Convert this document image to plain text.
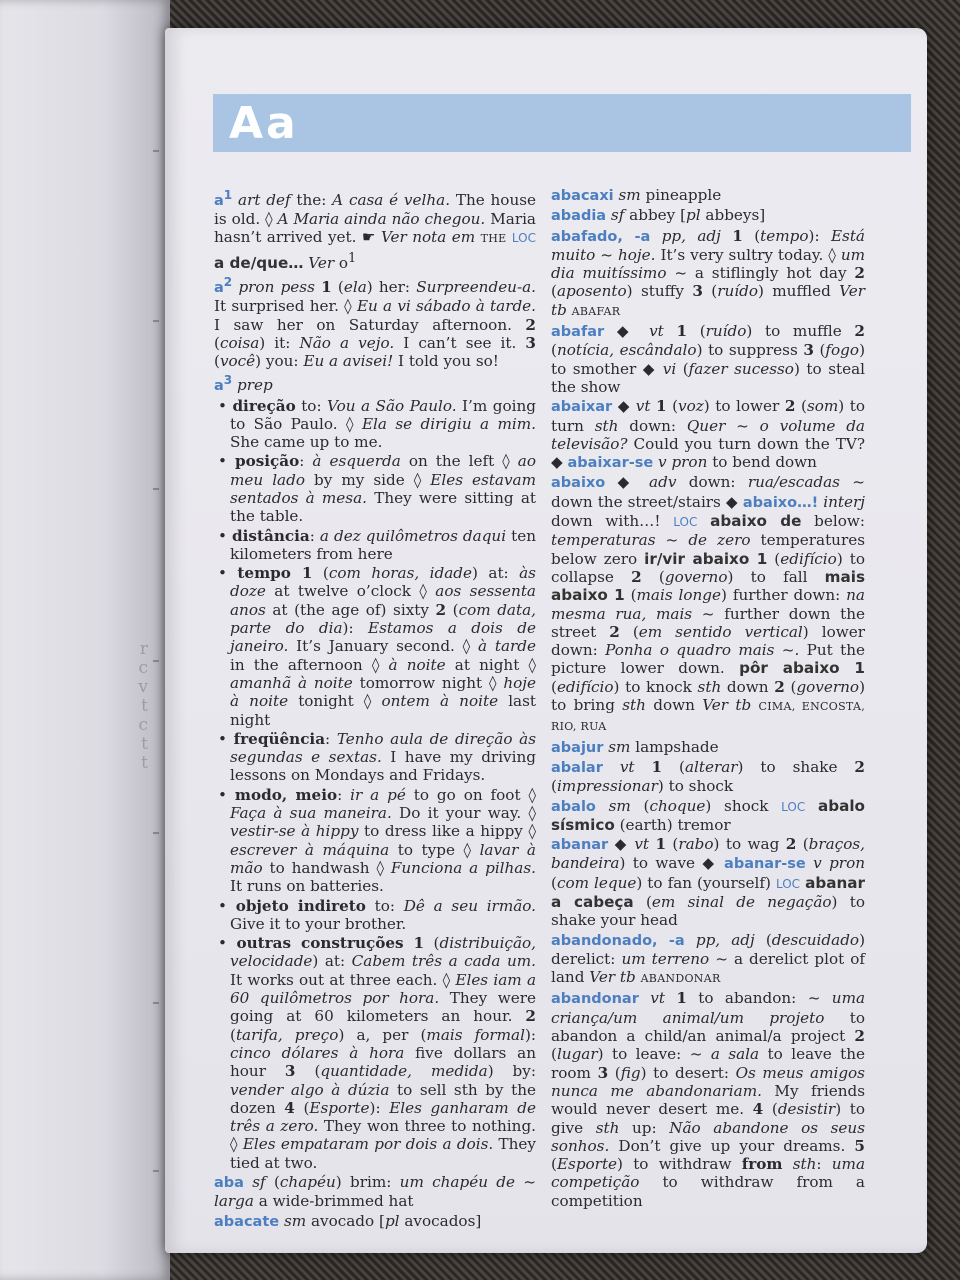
r
c
v
t
c
t
t
Aa
$a^1$ art def the: A casa é velha. The house is old. ◊ A Maria ainda não chegou. Maria hasn’t arrived yet. ☛ Ver nota em THE LOC a de/que… Ver $o^1$
$a^2$ pron pess 1 (ela) her: Surpreendeu-a. It surprised her. ◊ Eu a vi sábado à tarde. I saw her on Saturday afternoon. 2 (coisa) it: Não a vejo. I can’t see it. 3 (você) you: Eu a avisei! I told you so!
$a^3$ prep
• direção to: Vou a São Paulo. I’m going to São Paulo. ◊ Ela se dirigiu a mim. She came up to me.
• posição: à esquerda on the left ◊ ao meu lado by my side ◊ Eles estavam sentados à mesa. They were sitting at the table.
• distância: a dez quilômetros daqui ten kilometers from here
• tempo 1 (com horas, idade) at: às doze at twelve o’clock ◊ aos sessenta anos at (the age of) sixty 2 (com data, parte do dia): Estamos a dois de janeiro. It’s January second. ◊ à tarde in the afternoon ◊ à noite at night ◊ amanhã à noite tomorrow night ◊ hoje à noite tonight ◊ ontem à noite last night
• freqüência: Tenho aula de direção às segundas e sextas. I have my driving lessons on Mondays and Fridays.
• modo, meio: ir a pé to go on foot ◊ Faça à sua maneira. Do it your way. ◊ vestir-se à hippy to dress like a hippy ◊ escrever à máquina to type ◊ lavar à mão to handwash ◊ Funciona a pilhas. It runs on batteries.
• objeto indireto to: Dê a seu irmão. Give it to your brother.
• outras construções 1 (distribuição, velocidade) at: Cabem três a cada um. It works out at three each. ◊ Eles iam a 60 quilômetros por hora. They were going at 60 kilometers an hour. 2 (tarifa, preço) a, per (mais formal): cinco dólares à hora five dollars an hour 3 (quantidade, medida) by: vender algo à dúzia to sell sth by the dozen 4 (Esporte): Eles ganharam de três a zero. They won three to nothing. ◊ Eles empataram por dois a dois. They tied at two.
aba sf (chapéu) brim: um chapéu de ~ larga a wide-brimmed hat
abacate sm avocado [pl avocados]
abacaxi sm pineapple
abadia sf abbey [pl abbeys]
abafado, -a pp, adj 1 (tempo): Está muito ~ hoje. It’s very sultry today. ◊ um dia muitíssimo ~ a stiflingly hot day 2 (aposento) stuffy 3 (ruído) muffled Ver tb ABAFAR
abafar ◆ vt 1 (ruído) to muffle 2 (notícia, escândalo) to suppress 3 (fogo) to smother ◆ vi (fazer sucesso) to steal the show
abaixar ◆ vt 1 (voz) to lower 2 (som) to turn sth down: Quer ~ o volume da televisão? Could you turn down the TV? ◆ abaixar-se v pron to bend down
abaixo ◆ adv down: rua/escadas ~ down the street/stairs ◆ abaixo…! interj down with…! LOC abaixo de below: temperaturas ~ de zero temperatures below zero ir/vir abaixo 1 (edifício) to collapse 2 (governo) to fall mais abaixo 1 (mais longe) further down: na mesma rua, mais ~ further down the street 2 (em sentido vertical) lower down: Ponha o quadro mais ~. Put the picture lower down. pôr abaixo 1 (edifício) to knock sth down 2 (governo) to bring sth down Ver tb CIMA, ENCOSTA, RIO, RUA
abajur sm lampshade
abalar vt 1 (alterar) to shake 2 (impressionar) to shock
abalo sm (choque) shock LOC abalo sísmico (earth) tremor
abanar ◆ vt 1 (rabo) to wag 2 (braços, bandeira) to wave ◆ abanar-se v pron (com leque) to fan (yourself) LOC abanar a cabeça (em sinal de negação) to shake your head
abandonado, -a pp, adj (descuidado) derelict: um terreno ~ a derelict plot of land Ver tb ABANDONAR
abandonar vt 1 to abandon: ~ uma criança/um animal/um projeto to abandon a child/an animal/a project 2 (lugar) to leave: ~ a sala to leave the room 3 (fig) to desert: Os meus amigos nunca me abandonariam. My friends would never desert me. 4 (desistir) to give sth up: Não abandone os seus sonhos. Don’t give up your dreams. 5 (Esporte) to withdraw from sth: uma competição to withdraw from a competition
